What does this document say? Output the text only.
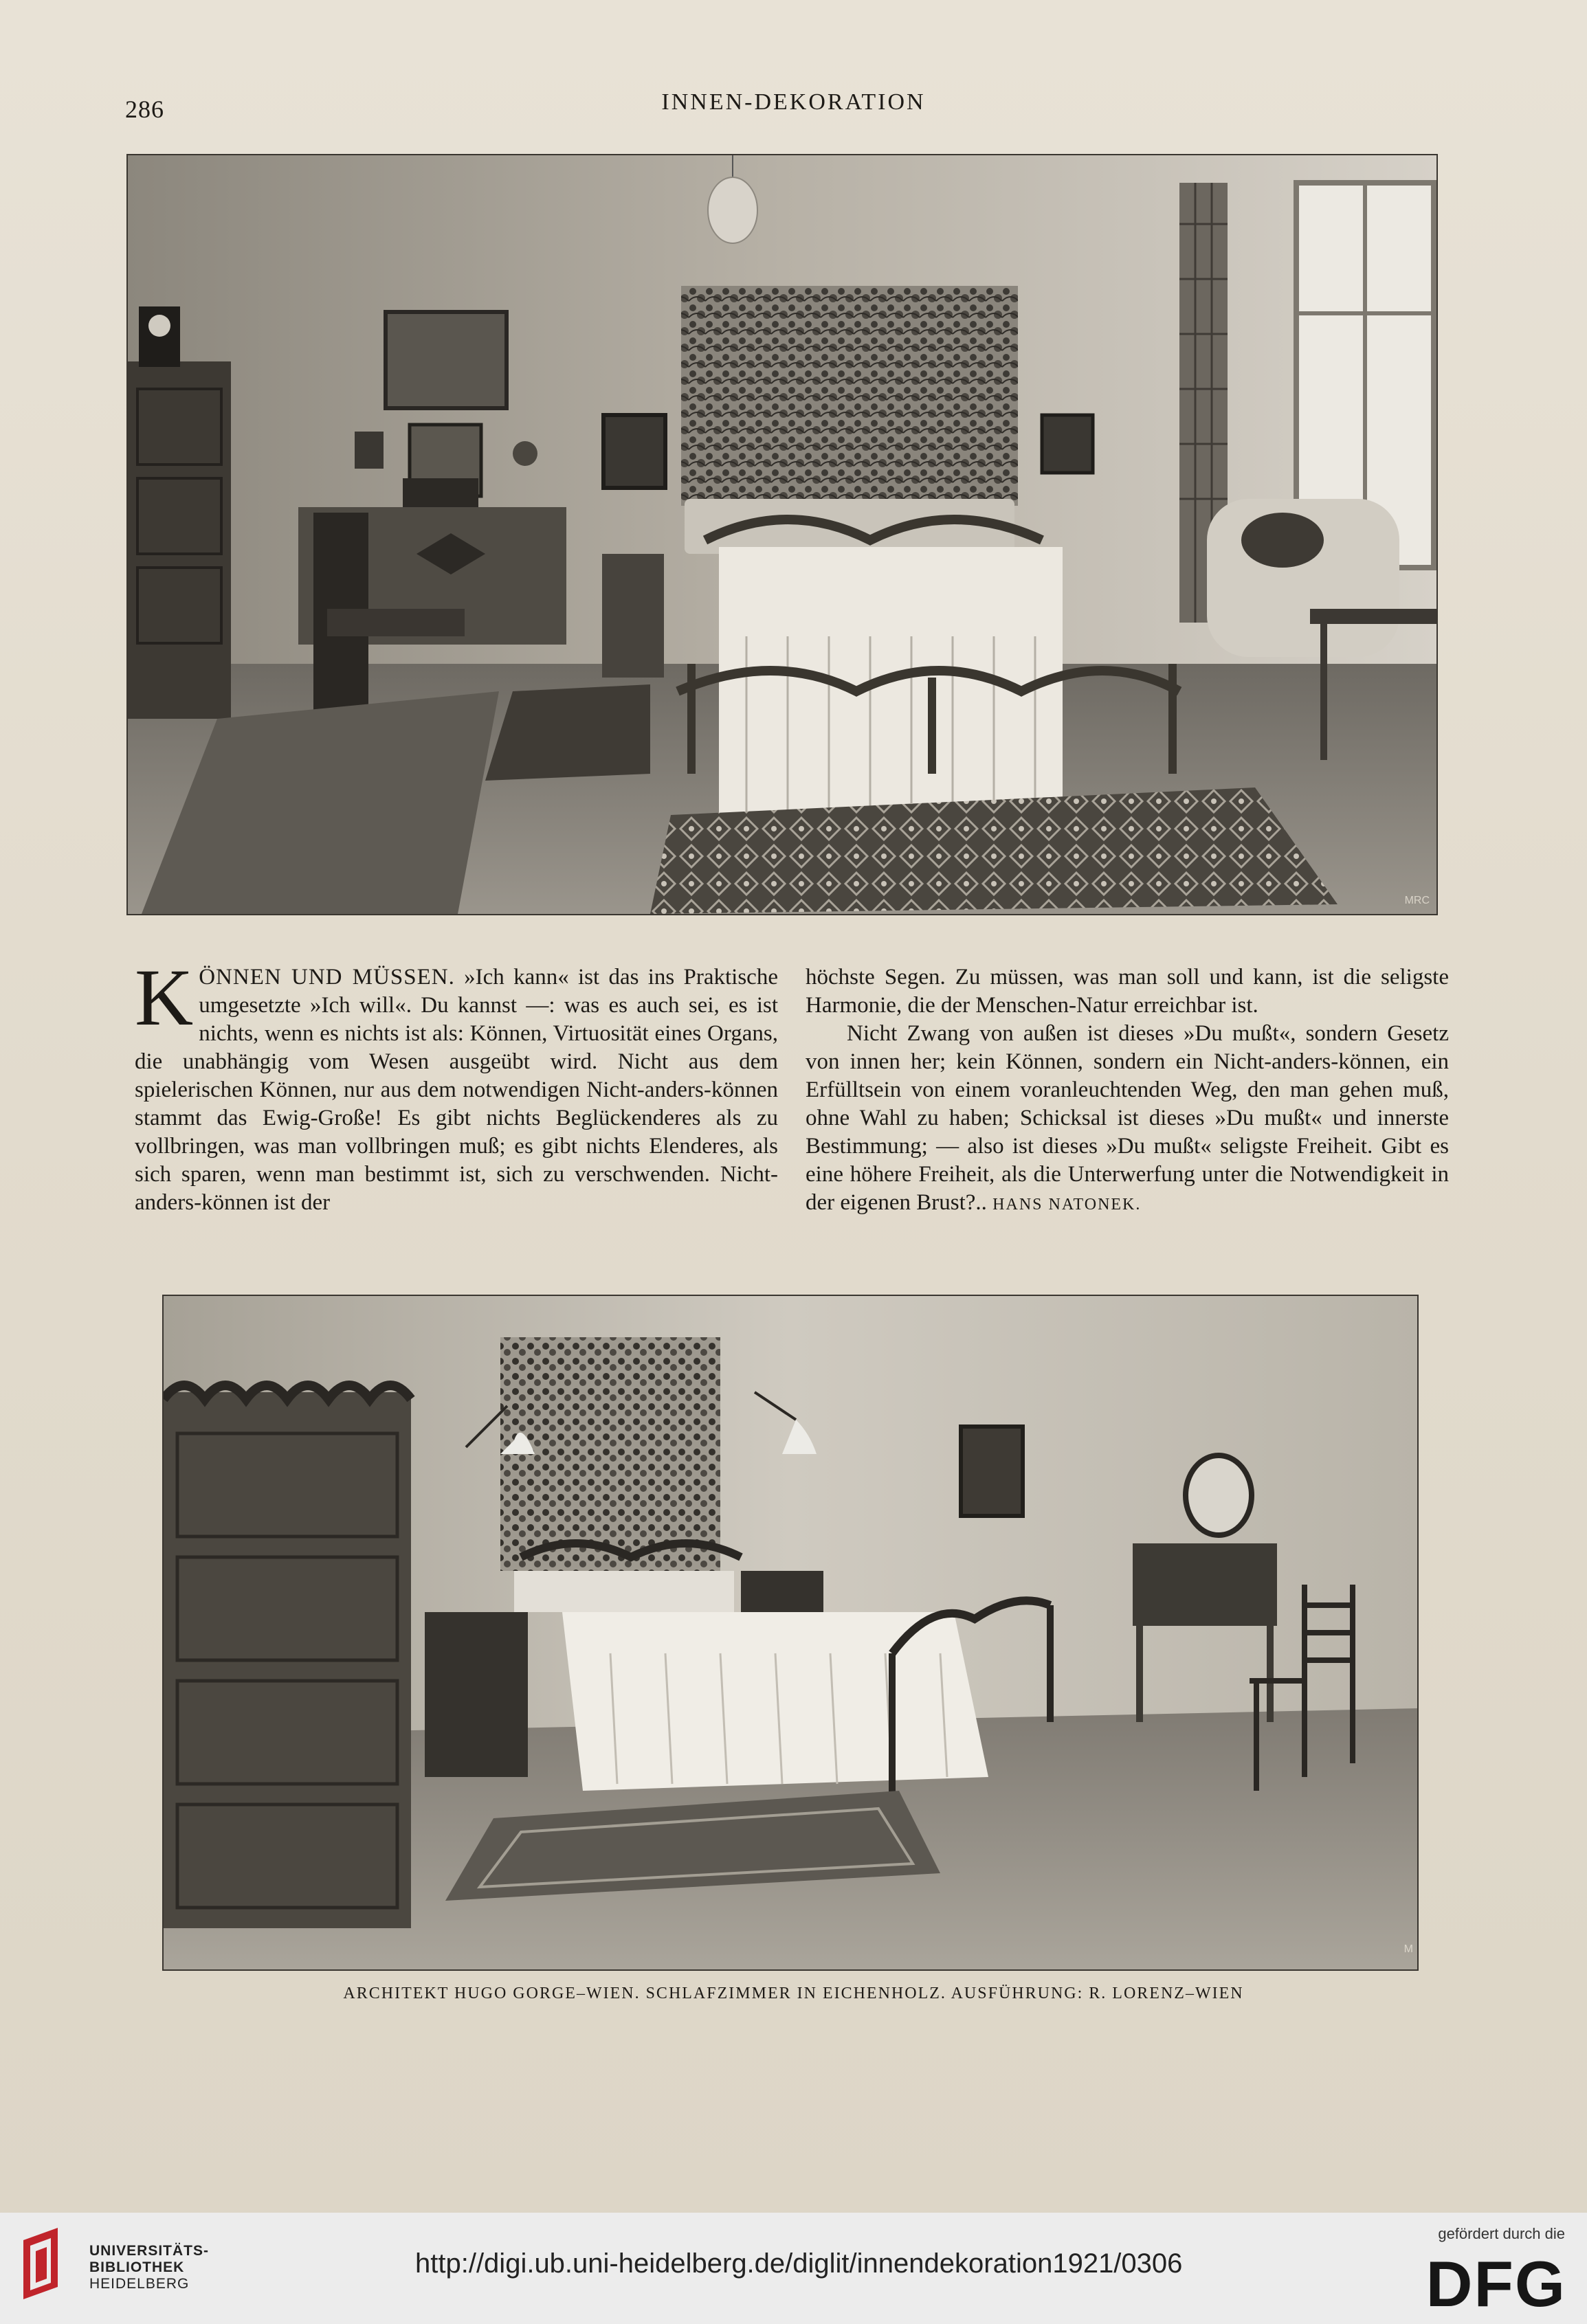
286	INNEN-DEKORATION
MRC
KÖNNEN UND MÜSSEN. »Ich kann« ist das ins Praktische umgesetzte »Ich will«. Du kannst —: was es auch sei, es ist nichts, wenn es nichts ist als: Können, Virtuosität eines Organs, die unabhängig vom Wesen ausgeübt wird. Nicht aus dem spielerischen Können, nur aus dem notwendigen Nicht-anders-können stammt das Ewig-Große! Es gibt nichts Beglückenderes als zu vollbringen, was man vollbringen muß; es gibt nichts Elenderes, als sich sparen, wenn man bestimmt ist, sich zu verschwenden. Nicht-anders-können ist der
höchste Segen. Zu müssen, was man soll und kann, ist die seligste Harmonie, die der Menschen-Natur erreichbar ist.
Nicht Zwang von außen ist dieses »Du mußt«, sondern Gesetz von innen her; kein Können, sondern ein Nicht-anders-können, ein Erfülltsein von einem voranleuchtenden Weg, den man gehen muß, ohne Wahl zu haben; Schicksal ist dieses »Du mußt« und innerste Bestimmung; — also ist dieses »Du mußt« seligste Freiheit. Gibt es eine höhere Freiheit, als die Unterwerfung unter die Notwendigkeit in der eigenen Brust?.. HANS NATONEK.
M
ARCHITEKT HUGO GORGE–WIEN. SCHLAFZIMMER IN EICHENHOLZ. AUSFÜHRUNG: R. LORENZ–WIEN
UNIVERSITÄTS-
BIBLIOTHEK
HEIDELBERG
http://digi.ub.uni-heidelberg.de/diglit/innendekoration1921/0306
gefördert durch die
DFG
